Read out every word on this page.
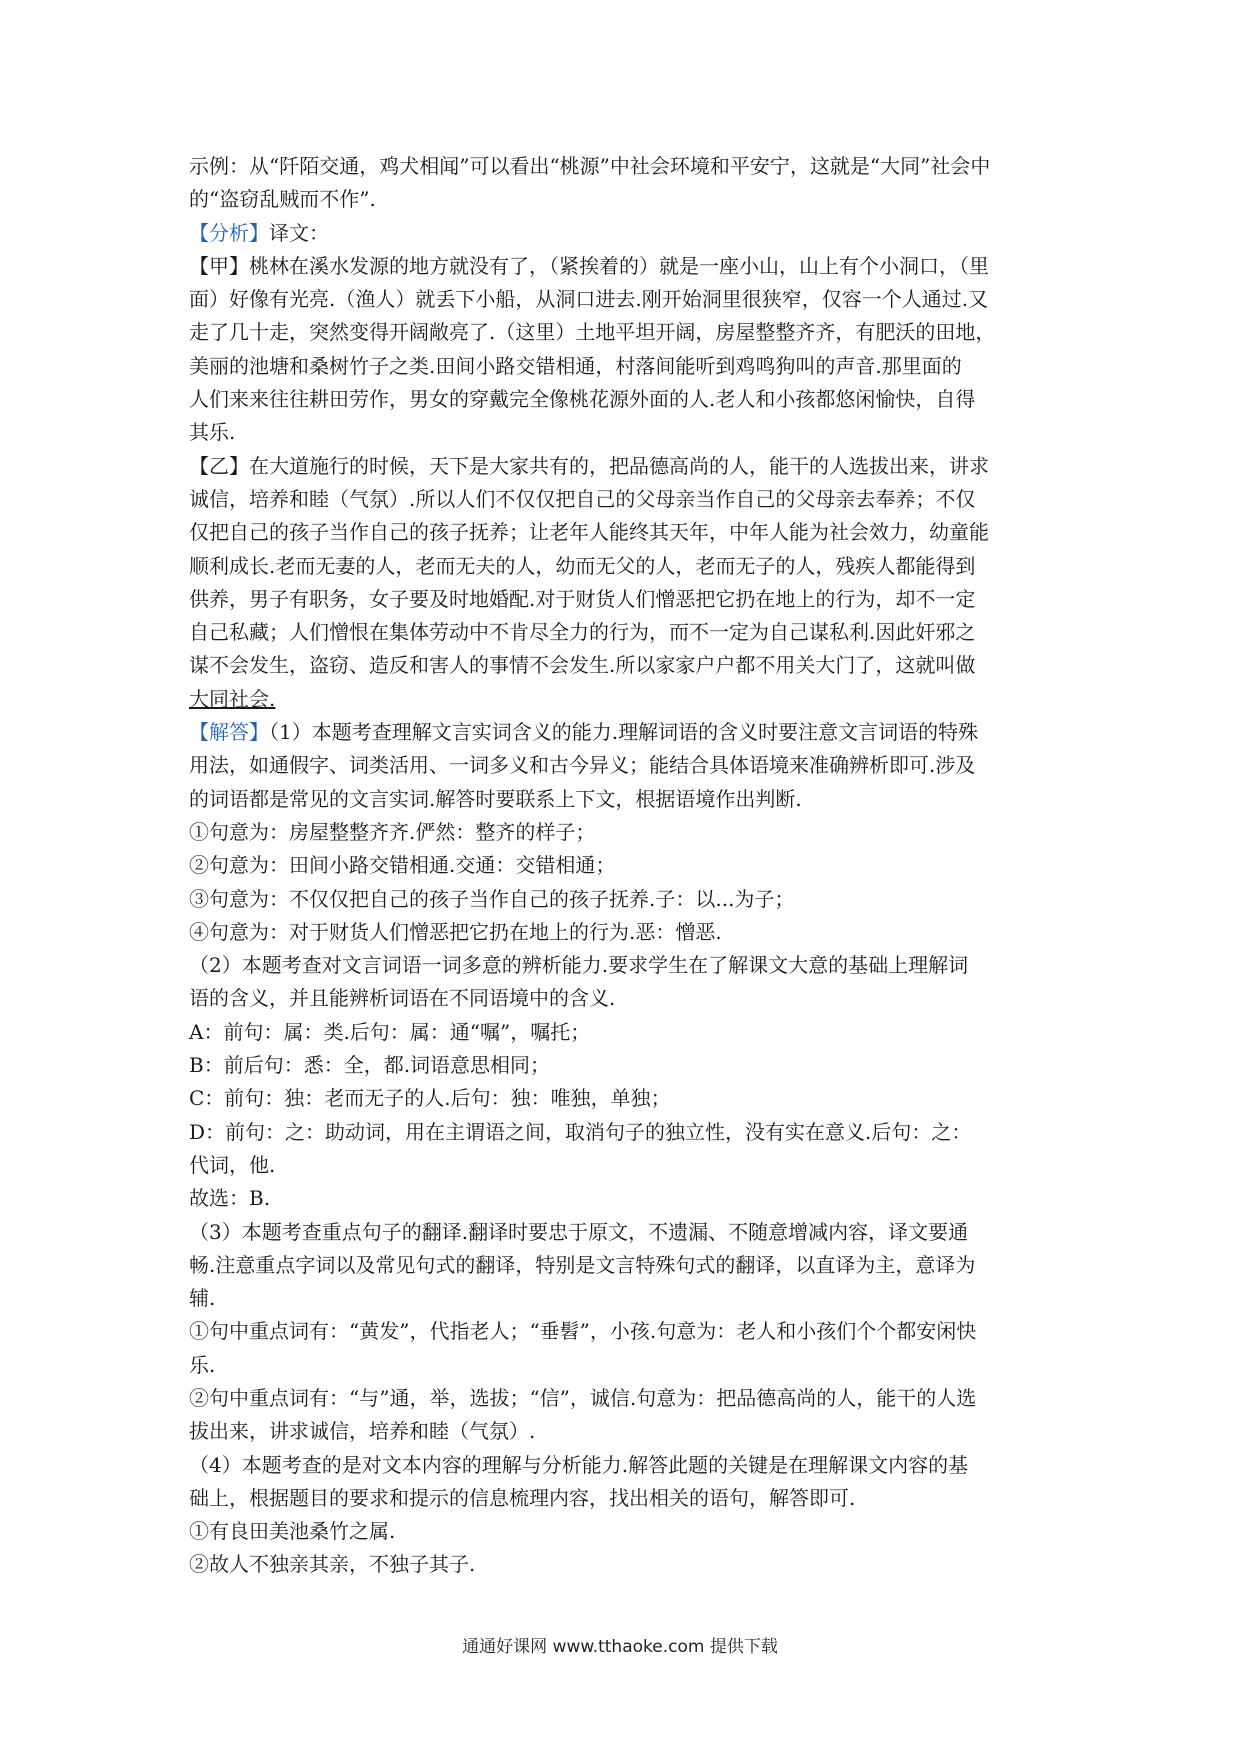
示例：从“阡陌交通，鸡犬相闻”可以看出“桃源”中社会环境和平安宁，这就是“大同”社会中
的“盗窃乱贼而不作”.
【分析】译文：
【甲】桃林在溪水发源的地方就没有了，（紧挨着的）就是一座小山，山上有个小洞口，（里
面）好像有光亮.（渔人）就丢下小船，从洞口进去.刚开始洞里很狭窄，仅容一个人通过.又
走了几十走，突然变得开阔敞亮了.（这里）土地平坦开阔，房屋整整齐齐，有肥沃的田地，
美丽的池塘和桑树竹子之类.田间小路交错相通，村落间能听到鸡鸣狗叫的声音.那里面的
人们来来往往耕田劳作，男女的穿戴完全像桃花源外面的人.老人和小孩都悠闲愉快，自得
其乐.
【乙】在大道施行的时候，天下是大家共有的，把品德高尚的人，能干的人选拔出来，讲求
诚信，培养和睦（气氛）.所以人们不仅仅把自己的父母亲当作自己的父母亲去奉养；不仅
仅把自己的孩子当作自己的孩子抚养；让老年人能终其天年，中年人能为社会效力，幼童能
顺利成长.老而无妻的人，老而无夫的人，幼而无父的人，老而无子的人，残疾人都能得到
供养，男子有职务，女子要及时地婚配.对于财货人们憎恶把它扔在地上的行为，却不一定
自己私藏；人们憎恨在集体劳动中不肯尽全力的行为，而不一定为自己谋私利.因此奸邪之
谋不会发生，盗窃、造反和害人的事情不会发生.所以家家户户都不用关大门了，这就叫做
大同社会.
【解答】（1）本题考查理解文言实词含义的能力.理解词语的含义时要注意文言词语的特殊
用法，如通假字、词类活用、一词多义和古今异义；能结合具体语境来准确辨析即可.涉及
的词语都是常见的文言实词.解答时要联系上下文，根据语境作出判断.
①句意为：房屋整整齐齐.俨然：整齐的样子；
②句意为：田间小路交错相通.交通：交错相通；
③句意为：不仅仅把自己的孩子当作自己的孩子抚养.子：以...为子；
④句意为：对于财货人们憎恶把它扔在地上的行为.恶：憎恶.
（2）本题考查对文言词语一词多意的辨析能力.要求学生在了解课文大意的基础上理解词
语的含义，并且能辨析词语在不同语境中的含义.
A：前句：属：类.后句：属：通“嘱”，嘱托；
B：前后句：悉：全，都.词语意思相同；
C：前句：独：老而无子的人.后句：独：唯独，单独；
D：前句：之：助动词，用在主谓语之间，取消句子的独立性，没有实在意义.后句：之：
代词，他.
故选：B.
（3）本题考查重点句子的翻译.翻译时要忠于原文，不遗漏、不随意增减内容，译文要通
畅.注意重点字词以及常见句式的翻译，特别是文言特殊句式的翻译，以直译为主，意译为
辅.
①句中重点词有：“黄发”，代指老人；“垂髫”，小孩.句意为：老人和小孩们个个都安闲快
乐.
②句中重点词有：“与”通，举，选拔；“信”，诚信.句意为：把品德高尚的人，能干的人选
拔出来，讲求诚信，培养和睦（气氛）.
（4）本题考查的是对文本内容的理解与分析能力.解答此题的关键是在理解课文内容的基
础上，根据题目的要求和提示的信息梳理内容，找出相关的语句，解答即可.
①有良田美池桑竹之属.
②故人不独亲其亲，不独子其子.
通通好课网 www.tthaoke.com 提供下载
